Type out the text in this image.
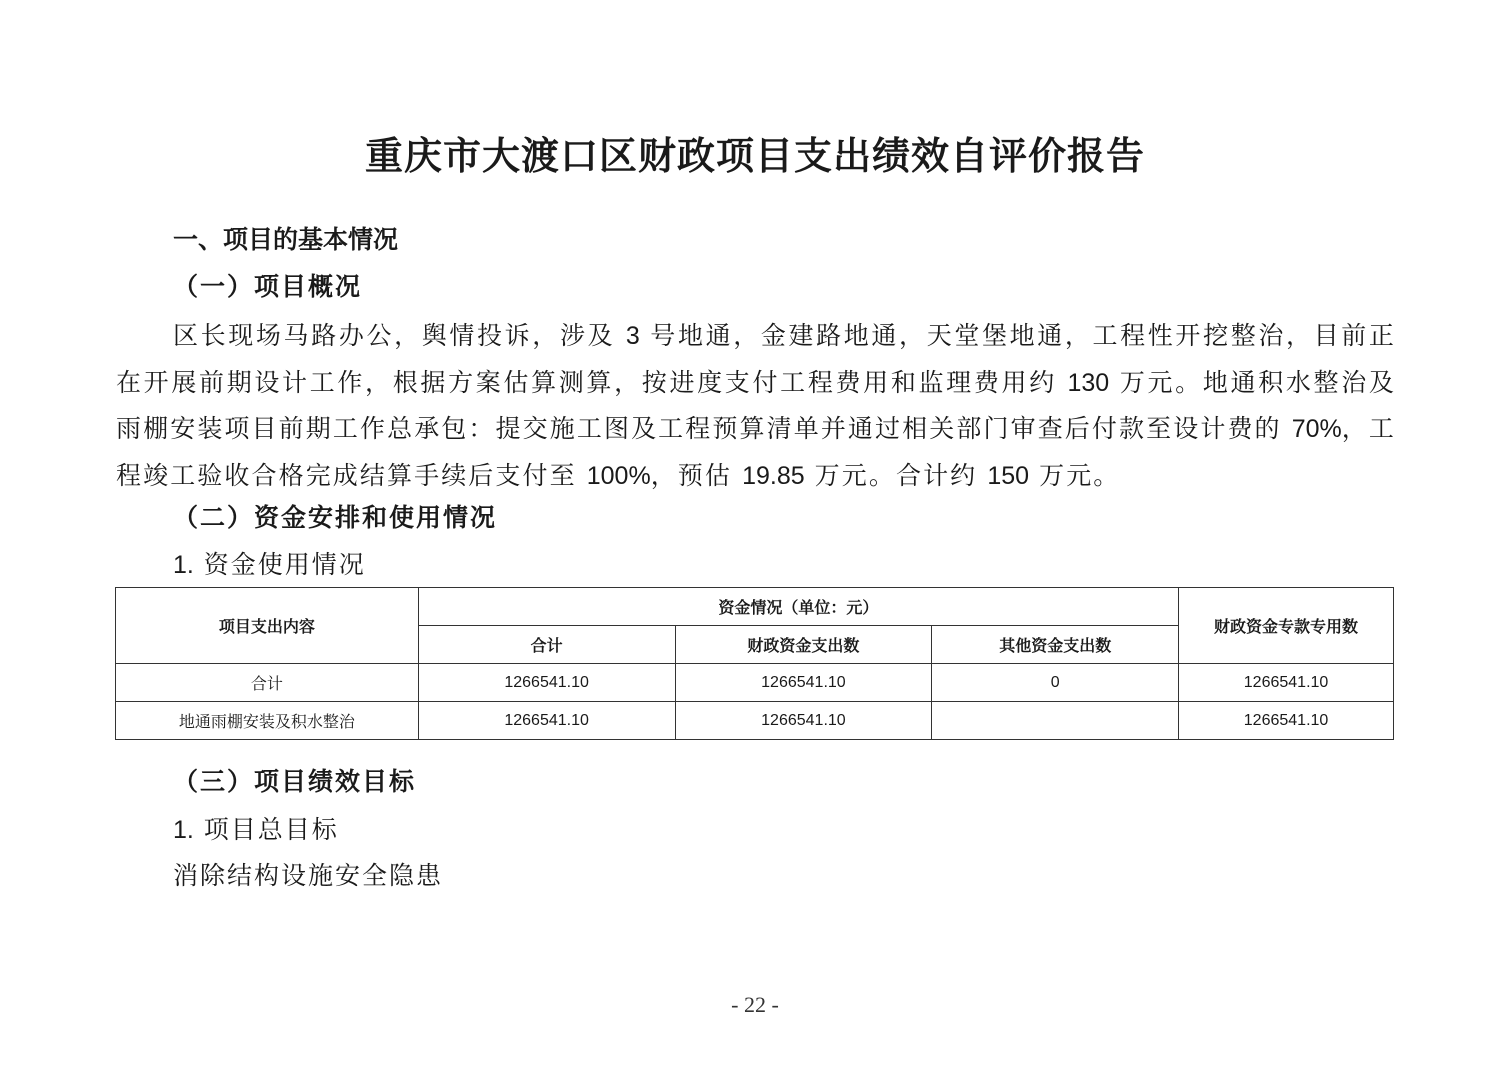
重庆市大渡口区财政项目支出绩效自评价报告
一、项目的基本情况
（一）项目概况

区长现场马路办公，舆情投诉，涉及 3 号地通，金建路地通，天堂堡地通，工程性开挖整治，目前正在开展前期设计工作，根据方案估算测算，按进度支付工程费用和监理费用约 130 万元。地通积水整治及雨棚安装项目前期工作总承包：提交施工图及工程预算清单并通过相关部门审查后付款至设计费的 70%，工程竣工验收合格完成结算手续后支付至 100%，预估 19.85 万元。合计约 150 万元。

（二）资金安排和使用情况

1. 资金使用情况

项目支出内容	资金情况（单位：元）			财政资金专款专用数
	合计	财政资金支出数	其他资金支出数	
合计	1266541.10	1266541.10	0	1266541.10
地通雨棚安装及积水整治	1266541.10	1266541.10		1266541.10
（三）项目绩效目标

1. 项目总目标

消除结构设施安全隐患

- 22 -
